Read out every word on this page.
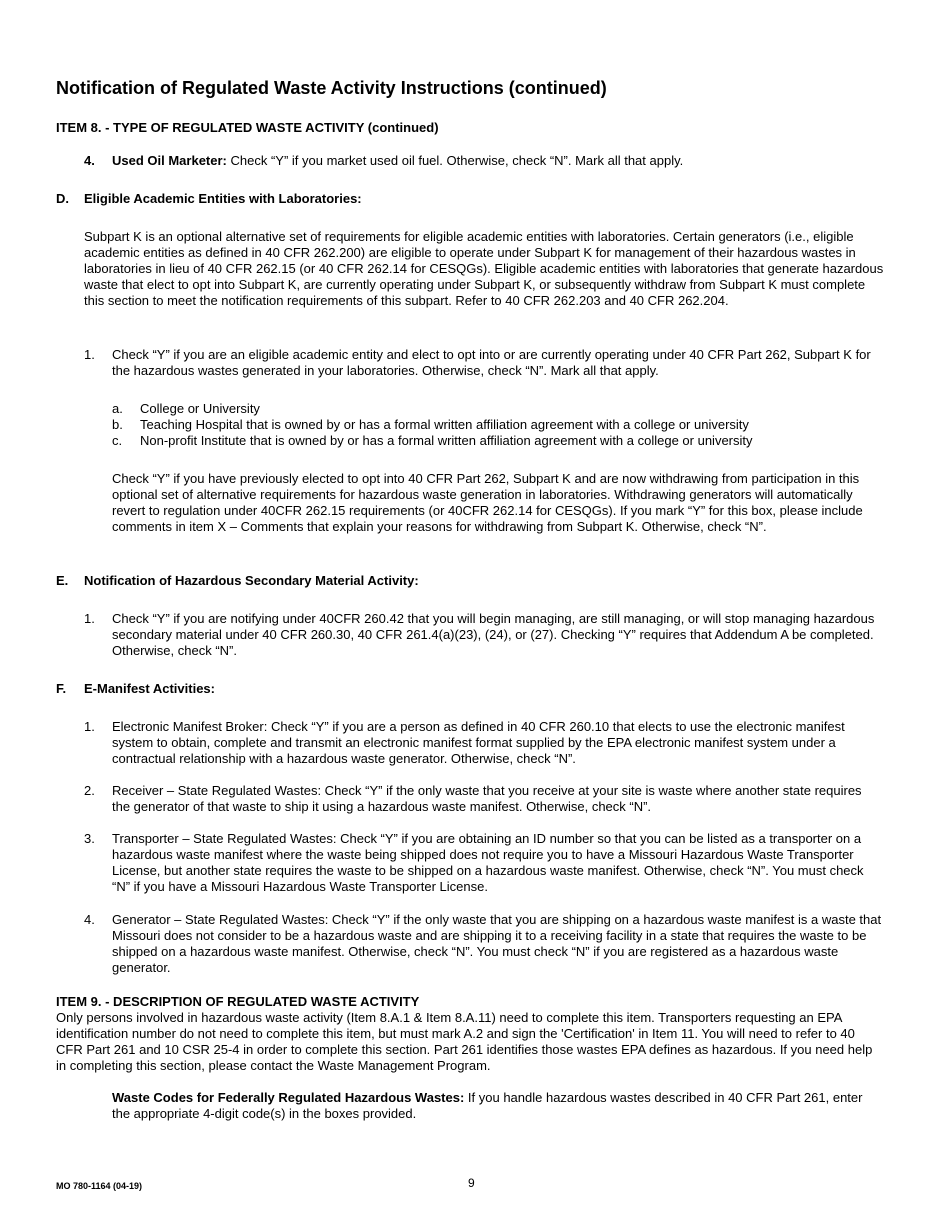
Notification of Regulated Waste Activity Instructions (continued)
ITEM 8. - TYPE OF REGULATED WASTE ACTIVITY (continued)
4.	Used Oil Marketer: Check “Y” if you market used oil fuel. Otherwise, check “N”. Mark all that apply.
D. Eligible Academic Entities with Laboratories:
Subpart K is an optional alternative set of requirements for eligible academic entities with laboratories. Certain generators (i.e., eligible academic entities as defined in 40 CFR 262.200) are eligible to operate under Subpart K for management of their hazardous wastes in laboratories in lieu of 40 CFR 262.15 (or 40 CFR 262.14 for CESQGs). Eligible academic entities with laboratories that generate hazardous waste that elect to opt into Subpart K, are currently operating under Subpart K, or subsequently withdraw from Subpart K must complete this section to meet the notification requirements of this subpart. Refer to 40 CFR 262.203 and 40 CFR 262.204.
1.	Check “Y” if you are an eligible academic entity and elect to opt into or are currently operating under 40 CFR Part 262, Subpart K for the hazardous wastes generated in your laboratories. Otherwise, check “N”. Mark all that apply.
a.	College or University
b.	Teaching Hospital that is owned by or has a formal written affiliation agreement with a college or university
c.	Non-profit Institute that is owned by or has a formal written affiliation agreement with a college or university
Check “Y” if you have previously elected to opt into 40 CFR Part 262, Subpart K and are now withdrawing from participation in this optional set of alternative requirements for hazardous waste generation in laboratories. Withdrawing generators will automatically revert to regulation under 40CFR 262.15 requirements (or 40CFR 262.14 for CESQGs). If you mark “Y” for this box, please include comments in item X – Comments that explain your reasons for withdrawing from Subpart K. Otherwise, check “N”.
E. Notification of Hazardous Secondary Material Activity:
1.	Check “Y” if you are notifying under 40CFR 260.42 that you will begin managing, are still managing, or will stop managing hazardous secondary material under 40 CFR 260.30, 40 CFR 261.4(a)(23), (24), or (27). Checking “Y” requires that Addendum A be completed. Otherwise, check “N”.
F. E-Manifest Activities:
1.	Electronic Manifest Broker: Check “Y” if you are a person as defined in 40 CFR 260.10 that elects to use the electronic manifest system to obtain, complete and transmit an electronic manifest format supplied by the EPA electronic manifest system under a contractual relationship with a hazardous waste generator. Otherwise, check “N”.
2.	Receiver – State Regulated Wastes: Check “Y” if the only waste that you receive at your site is waste where another state requires the generator of that waste to ship it using a hazardous waste manifest. Otherwise, check “N”.
3.	Transporter – State Regulated Wastes: Check “Y” if you are obtaining an ID number so that you can be listed as a transporter on a hazardous waste manifest where the waste being shipped does not require you to have a Missouri Hazardous Waste Transporter License, but another state requires the waste to be shipped on a hazardous waste manifest. Otherwise, check “N”. You must check “N” if you have a Missouri Hazardous Waste Transporter License.
4.	Generator – State Regulated Wastes: Check “Y” if the only waste that you are shipping on a hazardous waste manifest is a waste that Missouri does not consider to be a hazardous waste and are shipping it to a receiving facility in a state that requires the waste to be shipped on a hazardous waste manifest. Otherwise, check “N”. You must check “N” if you are registered as a hazardous waste generator.
ITEM 9. - DESCRIPTION OF REGULATED WASTE ACTIVITY
Only persons involved in hazardous waste activity (Item 8.A.1 & Item 8.A.11) need to complete this item. Transporters requesting an EPA identification number do not need to complete this item, but must mark A.2 and sign the 'Certification' in Item 11. You will need to refer to 40 CFR Part 261 and 10 CSR 25-4 in order to complete this section. Part 261 identifies those wastes EPA defines as hazardous. If you need help in completing this section, please contact the Waste Management Program.
Waste Codes for Federally Regulated Hazardous Wastes: If you handle hazardous wastes described in 40 CFR Part 261, enter the appropriate 4-digit code(s) in the boxes provided.
MO 780-1164 (04-19)	9
